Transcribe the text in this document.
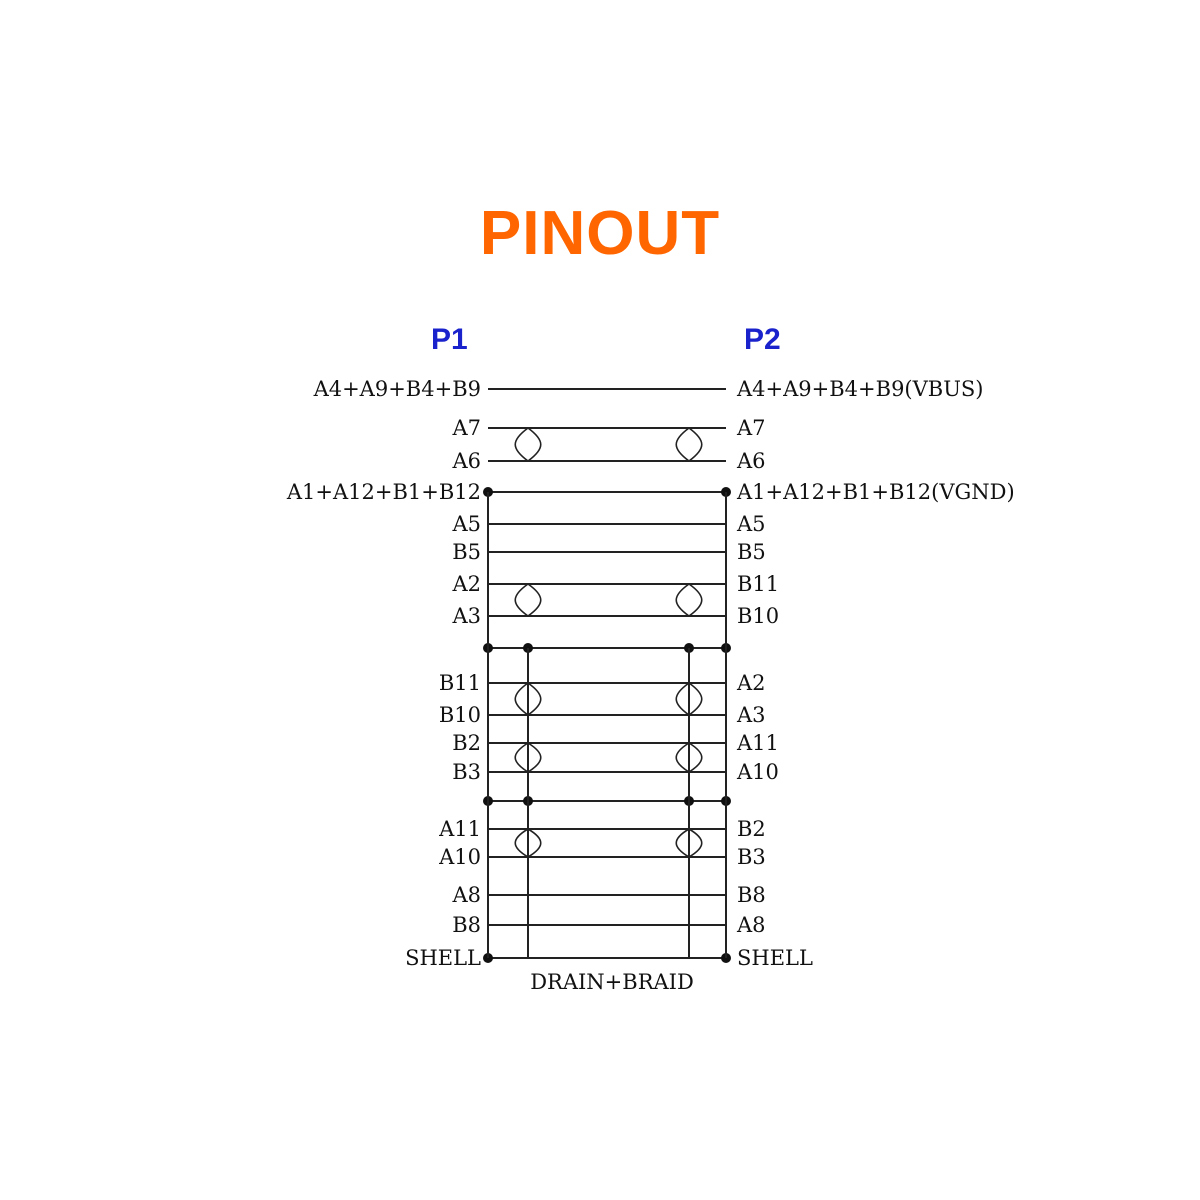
PINOUT
P1	P2
A4+A9+B4+B9	A4+A9+B4+B9(VBUS)
A7	A7
A6	A6
A1+A12+B1+B12	A1+A12+B1+B12(VGND)
A5	A5
B5	B5
A2	B11
A3	B10
B11	A2
B10	A3
B2	A11
B3	A10
A11	B2
A10	B3
A8	B8
B8	A8
SHELL	SHELL
DRAIN+BRAID
